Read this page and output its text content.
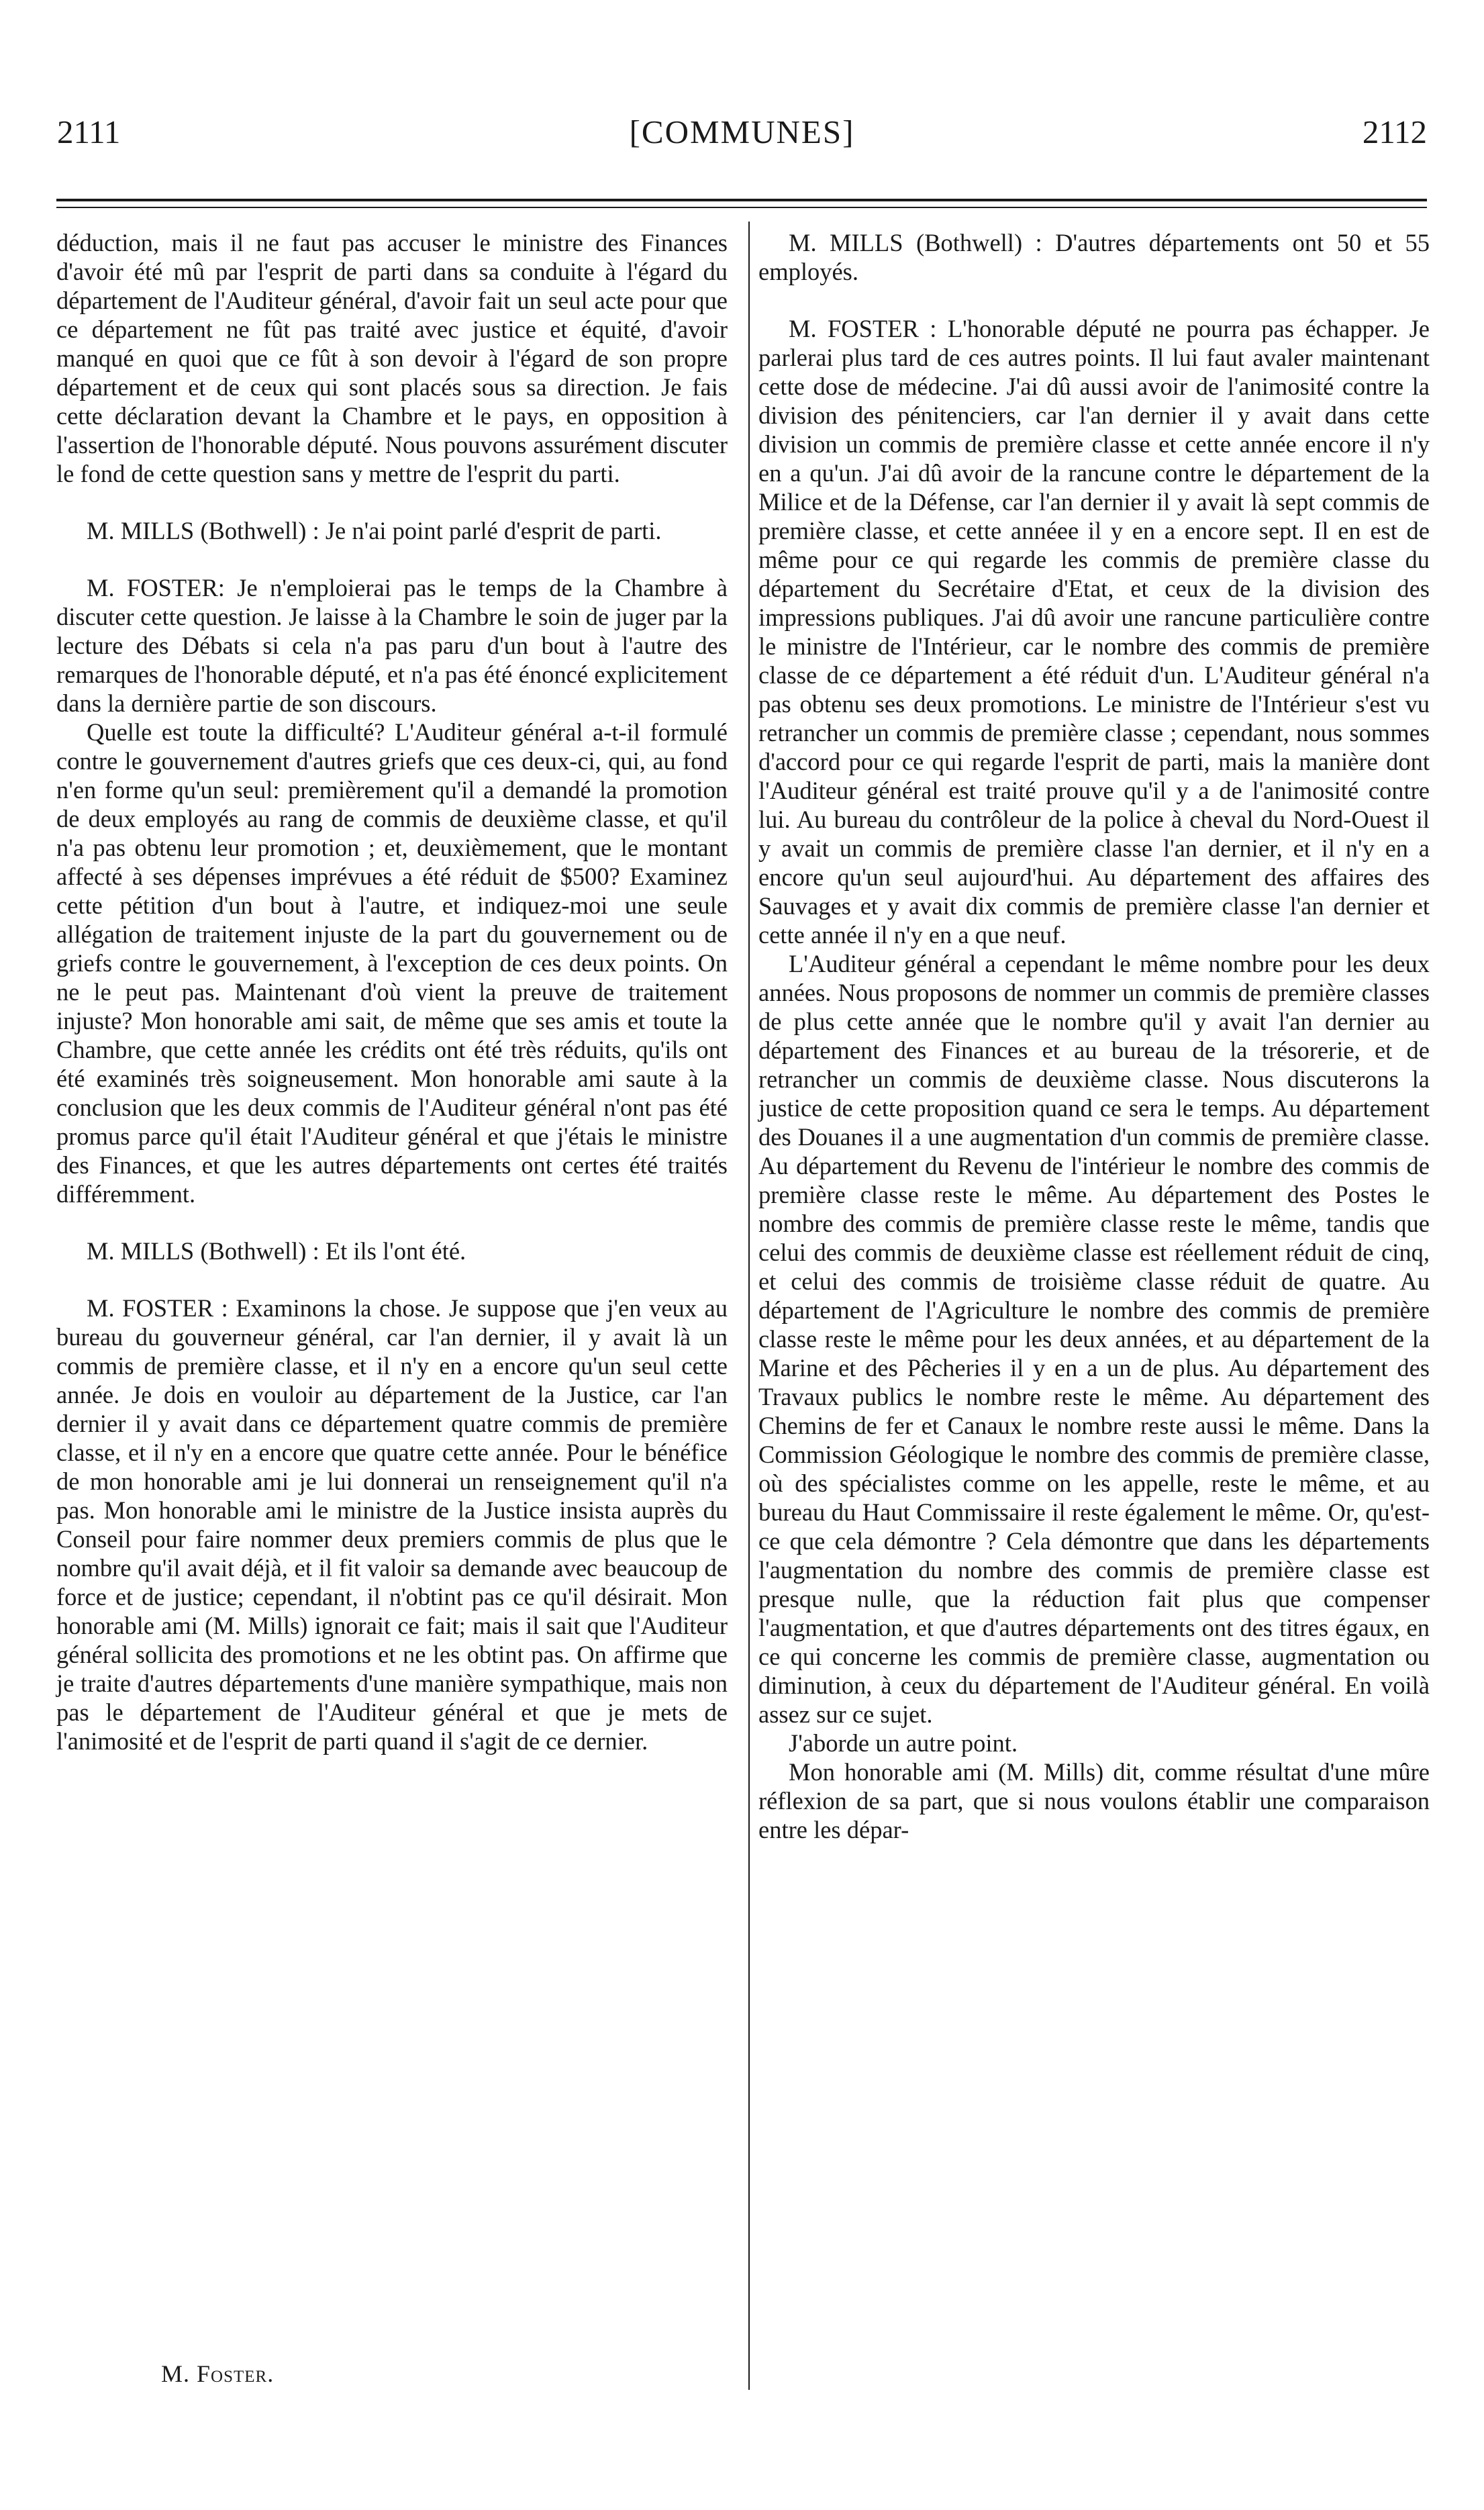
2111	[COMMUNES]	2112

déduction, mais il ne faut pas accuser le ministre des Finances d'avoir été mû par l'esprit de parti dans sa conduite à l'égard du département de l'Auditeur général, d'avoir fait un seul acte pour que ce département ne fût pas traité avec justice et équité, d'avoir manqué en quoi que ce fût à son devoir à l'égard de son propre département et de ceux qui sont placés sous sa direction. Je fais cette déclaration devant la Chambre et le pays, en opposition à l'assertion de l'honorable député. Nous pouvons assurément discuter le fond de cette question sans y mettre de l'esprit du parti.

M. MILLS (Bothwell) : Je n'ai point parlé d'esprit de parti.

M. FOSTER: Je n'emploierai pas le temps de la Chambre à discuter cette question. Je laisse à la Chambre le soin de juger par la lecture des Débats si cela n'a pas paru d'un bout à l'autre des remarques de l'honorable député, et n'a pas été énoncé explicitement dans la dernière partie de son discours.

Quelle est toute la difficulté? L'Auditeur général a-t-il formulé contre le gouvernement d'autres griefs que ces deux-ci, qui, au fond n'en forme qu'un seul: premièrement qu'il a demandé la promotion de deux employés au rang de commis de deuxième classe, et qu'il n'a pas obtenu leur promotion ; et, deuxièmement, que le montant affecté à ses dépenses imprévues a été réduit de $500? Examinez cette pétition d'un bout à l'autre, et indiquez-moi une seule allégation de traitement injuste de la part du gouvernement ou de griefs contre le gouvernement, à l'exception de ces deux points. On ne le peut pas. Maintenant d'où vient la preuve de traitement injuste? Mon honorable ami sait, de même que ses amis et toute la Chambre, que cette année les crédits ont été très réduits, qu'ils ont été examinés très soigneusement. Mon honorable ami saute à la conclusion que les deux commis de l'Auditeur général n'ont pas été promus parce qu'il était l'Auditeur général et que j'étais le ministre des Finances, et que les autres départements ont certes été traités différemment.

M. MILLS (Bothwell) : Et ils l'ont été.

M. FOSTER : Examinons la chose. Je suppose que j'en veux au bureau du gouverneur général, car l'an dernier, il y avait là un commis de première classe, et il n'y en a encore qu'un seul cette année. Je dois en vouloir au département de la Justice, car l'an dernier il y avait dans ce département quatre commis de première classe, et il n'y en a encore que quatre cette année. Pour le bénéfice de mon honorable ami je lui donnerai un renseignement qu'il n'a pas. Mon honorable ami le ministre de la Justice insista auprès du Conseil pour faire nommer deux premiers commis de plus que le nombre qu'il avait déjà, et il fit valoir sa demande avec beaucoup de force et de justice; cependant, il n'obtint pas ce qu'il désirait. Mon honorable ami (M. Mills) ignorait ce fait; mais il sait que l'Auditeur général sollicita des promotions et ne les obtint pas. On affirme que je traite d'autres départements d'une manière sympathique, mais non pas le département de l'Auditeur général et que je mets de l'animosité et de l'esprit de parti quand il s'agit de ce dernier.

M. MILLS (Bothwell) : D'autres départements ont 50 et 55 employés.

M. FOSTER : L'honorable député ne pourra pas échapper. Je parlerai plus tard de ces autres points. Il lui faut avaler maintenant cette dose de médecine. J'ai dû aussi avoir de l'animosité contre la division des pénitenciers, car l'an dernier il y avait dans cette division un commis de première classe et cette année encore il n'y en a qu'un. J'ai dû avoir de la rancune contre le département de la Milice et de la Défense, car l'an dernier il y avait là sept commis de première classe, et cette annéee il y en a encore sept. Il en est de même pour ce qui regarde les commis de première classe du département du Secrétaire d'Etat, et ceux de la division des impressions publiques. J'ai dû avoir une rancune particulière contre le ministre de l'Intérieur, car le nombre des commis de première classe de ce département a été réduit d'un. L'Auditeur général n'a pas obtenu ses deux promotions. Le ministre de l'Intérieur s'est vu retrancher un commis de première classe ; cependant, nous sommes d'accord pour ce qui regarde l'esprit de parti, mais la manière dont l'Auditeur général est traité prouve qu'il y a de l'animosité contre lui. Au bureau du contrôleur de la police à cheval du Nord-Ouest il y avait un commis de première classe l'an dernier, et il n'y en a encore qu'un seul aujourd'hui. Au département des affaires des Sauvages et y avait dix commis de première classe l'an dernier et cette année il n'y en a que neuf.

L'Auditeur général a cependant le même nombre pour les deux années. Nous proposons de nommer un commis de première classes de plus cette année que le nombre qu'il y avait l'an dernier au département des Finances et au bureau de la trésorerie, et de retrancher un commis de deuxième classe. Nous discuterons la justice de cette proposition quand ce sera le temps. Au département des Douanes il a une augmentation d'un commis de première classe. Au département du Revenu de l'intérieur le nombre des commis de première classe reste le même. Au département des Postes le nombre des commis de première classe reste le même, tandis que celui des commis de deuxième classe est réellement réduit de cinq, et celui des commis de troisième classe réduit de quatre. Au département de l'Agriculture le nombre des commis de première classe reste le même pour les deux années, et au département de la Marine et des Pêcheries il y en a un de plus. Au département des Travaux publics le nombre reste le même. Au département des Chemins de fer et Canaux le nombre reste aussi le même. Dans la Commission Géologique le nombre des commis de première classe, où des spécialistes comme on les appelle, reste le même, et au bureau du Haut Commissaire il reste également le même. Or, qu'est-ce que cela démontre ? Cela démontre que dans les départements l'augmentation du nombre des commis de première classe est presque nulle, que la réduction fait plus que compenser l'augmentation, et que d'autres départements ont des titres égaux, en ce qui concerne les commis de première classe, augmentation ou diminution, à ceux du département de l'Auditeur général. En voilà assez sur ce sujet.

J'aborde un autre point.

Mon honorable ami (M. Mills) dit, comme résultat d'une mûre réflexion de sa part, que si nous voulons établir une comparaison entre les dépar-

M. Foster.
